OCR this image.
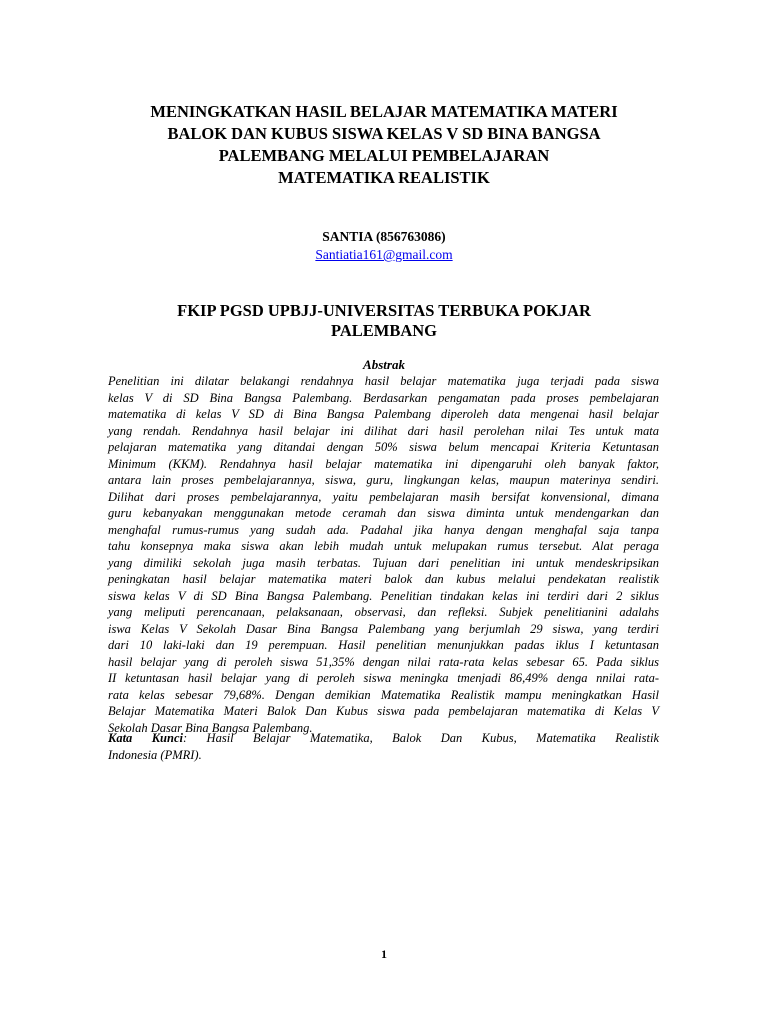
MENINGKATKAN HASIL BELAJAR MATEMATIKA MATERI
BALOK DAN KUBUS SISWA KELAS V SD BINA BANGSA
PALEMBANG MELALUI PEMBELAJARAN
MATEMATIKA REALISTIK
SANTIA (856763086)
Santiatia161@gmail.com
FKIP PGSD UPBJJ-UNIVERSITAS TERBUKA POKJAR
PALEMBANG
Abstrak
Penelitian ini dilatar belakangi rendahnya hasil belajar matematika juga terjadi pada siswa
kelas V di SD Bina Bangsa Palembang. Berdasarkan pengamatan pada proses pembelajaran
matematika di kelas V SD di Bina Bangsa Palembang diperoleh data mengenai hasil belajar
yang rendah. Rendahnya hasil belajar ini dilihat dari hasil perolehan nilai Tes untuk mata
pelajaran matematika yang ditandai dengan 50% siswa belum mencapai Kriteria Ketuntasan
Minimum (KKM). Rendahnya hasil belajar matematika ini dipengaruhi oleh banyak faktor,
antara lain proses pembelajarannya, siswa, guru, lingkungan kelas, maupun materinya sendiri.
Dilihat dari proses pembelajarannya, yaitu pembelajaran masih bersifat konvensional, dimana
guru kebanyakan menggunakan metode ceramah dan siswa diminta untuk mendengarkan dan
menghafal rumus-rumus yang sudah ada. Padahal jika hanya dengan menghafal saja tanpa
tahu konsepnya maka siswa akan lebih mudah untuk melupakan rumus tersebut. Alat peraga
yang dimiliki sekolah juga masih terbatas. Tujuan dari penelitian ini untuk mendeskripsikan
peningkatan hasil belajar matematika materi balok dan kubus melalui pendekatan realistik
siswa kelas V di SD Bina Bangsa Palembang. Penelitian tindakan kelas ini terdiri dari 2 siklus
yang meliputi perencanaan, pelaksanaan, observasi, dan refleksi. Subjek penelitianini adalahs
iswa Kelas V Sekolah Dasar Bina Bangsa Palembang yang berjumlah 29 siswa, yang terdiri
dari 10 laki-laki dan 19 perempuan. Hasil penelitian menunjukkan padas iklus I ketuntasan
hasil belajar yang di peroleh siswa 51,35% dengan nilai rata-rata kelas sebesar 65. Pada siklus
II ketuntasan hasil belajar yang di peroleh siswa meningka tmenjadi 86,49% denga nnilai rata-
rata kelas sebesar 79,68%. Dengan demikian Matematika Realistik mampu meningkatkan Hasil
Belajar Matematika Materi Balok Dan Kubus siswa pada pembelajaran matematika di Kelas V
Sekolah Dasar Bina Bangsa Palembang.
Kata Kunci: Hasil Belajar Matematika, Balok Dan Kubus, Matematika Realistik
Indonesia (PMRI).
1
